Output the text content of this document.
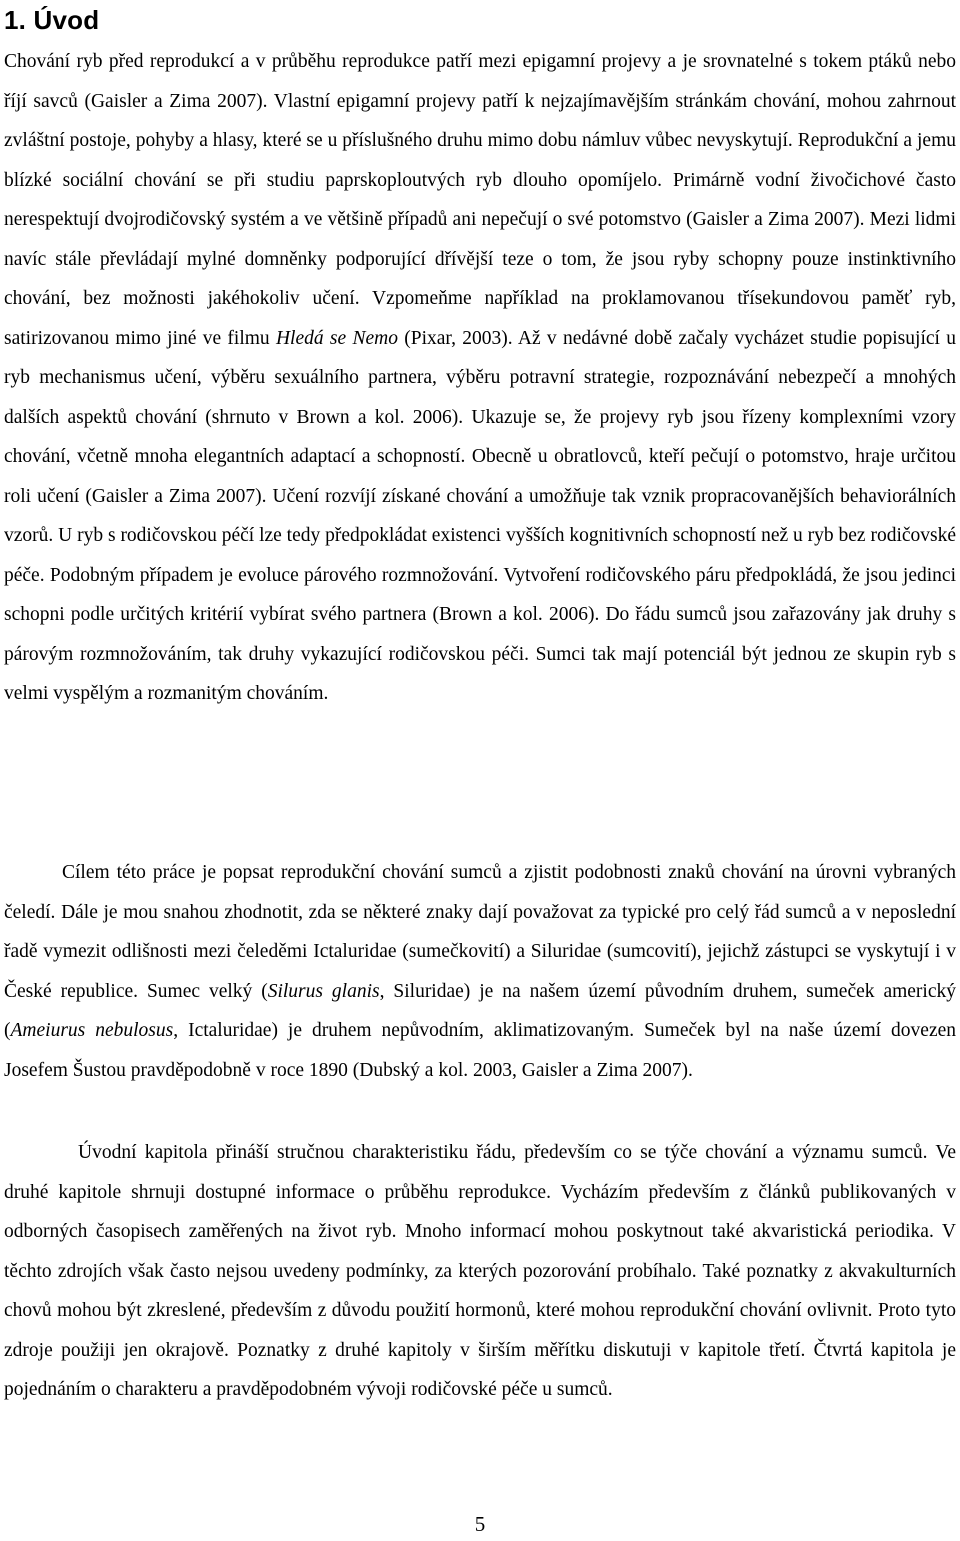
1. Úvod

Chování ryb před reprodukcí a v průběhu reprodukce patří mezi epigamní projevy a je srovnatelné s tokem ptáků nebo říjí savců (Gaisler a Zima 2007). Vlastní epigamní projevy patří k nejzajímavějším stránkám chování, mohou zahrnout zvláštní postoje, pohyby a hlasy, které se u příslušného druhu mimo dobu námluv vůbec nevyskytují. Reprodukční a jemu blízké sociální chování se při studiu paprskoploutvých ryb dlouho opomíjelo. Primárně vodní živočichové často nerespektují dvojrodičovský systém a ve většině případů ani nepečují o své potomstvo (Gaisler a Zima 2007). Mezi lidmi navíc stále převládají mylné domněnky podporující dřívější teze o tom, že jsou ryby schopny pouze instinktivního chování, bez možnosti jakéhokoliv učení. Vzpomeňme například na proklamovanou třísekundovou paměť ryb, satirizovanou mimo jiné ve filmu Hledá se Nemo (Pixar, 2003). Až v nedávné době začaly vycházet studie popisující u ryb mechanismus učení, výběru sexuálního partnera, výběru potravní strategie, rozpoznávání nebezpečí a mnohých dalších aspektů chování (shrnuto v Brown a kol. 2006). Ukazuje se, že projevy ryb jsou řízeny komplexními vzory chování, včetně mnoha elegantních adaptací a schopností. Obecně u obratlovců, kteří pečují o potomstvo, hraje určitou roli učení (Gaisler a Zima 2007). Učení rozvíjí získané chování a umožňuje tak vznik propracovanějších behaviorálních vzorů. U ryb s rodičovskou péčí lze tedy předpokládat existenci vyšších kognitivních schopností než u ryb bez rodičovské péče. Podobným případem je evoluce párového rozmnožování. Vytvoření rodičovského páru předpokládá, že jsou jedinci schopni podle určitých kritérií vybírat svého partnera (Brown a kol. 2006). Do řádu sumců jsou zařazovány jak druhy s párovým rozmnožováním, tak druhy vykazující rodičovskou péči. Sumci tak mají potenciál být jednou ze skupin ryb s velmi vyspělým a rozmanitým chováním.

Cílem této práce je popsat reprodukční chování sumců a zjistit podobnosti znaků chování na úrovni vybraných čeledí. Dále je mou snahou zhodnotit, zda se některé znaky dají považovat za typické pro celý řád sumců a v neposlední řadě vymezit odlišnosti mezi čeleděmi Ictaluridae (sumečkovití) a Siluridae (sumcovití), jejichž zástupci se vyskytují i v České republice. Sumec velký (Silurus glanis, Siluridae) je na našem území původním druhem, sumeček americký (Ameiurus nebulosus, Ictaluridae) je druhem nepůvodním, aklimatizovaným. Sumeček byl na naše území dovezen Josefem Šustou pravděpodobně v roce 1890 (Dubský a kol. 2003, Gaisler a Zima 2007).

Úvodní kapitola přináší stručnou charakteristiku řádu, především co se týče chování a významu sumců. Ve druhé kapitole shrnuji dostupné informace o průběhu reprodukce. Vycházím především z článků publikovaných v odborných časopisech zaměřených na život ryb. Mnoho informací mohou poskytnout také akvaristická periodika. V těchto zdrojích však často nejsou uvedeny podmínky, za kterých pozorování probíhalo. Také poznatky z akvakulturních chovů mohou být zkreslené, především z důvodu použití hormonů, které mohou reprodukční chování ovlivnit. Proto tyto zdroje použiji jen okrajově. Poznatky z druhé kapitoly v širším měřítku diskutuji v kapitole třetí. Čtvrtá kapitola je pojednáním o charakteru a pravděpodobném vývoji rodičovské péče u sumců.

5
